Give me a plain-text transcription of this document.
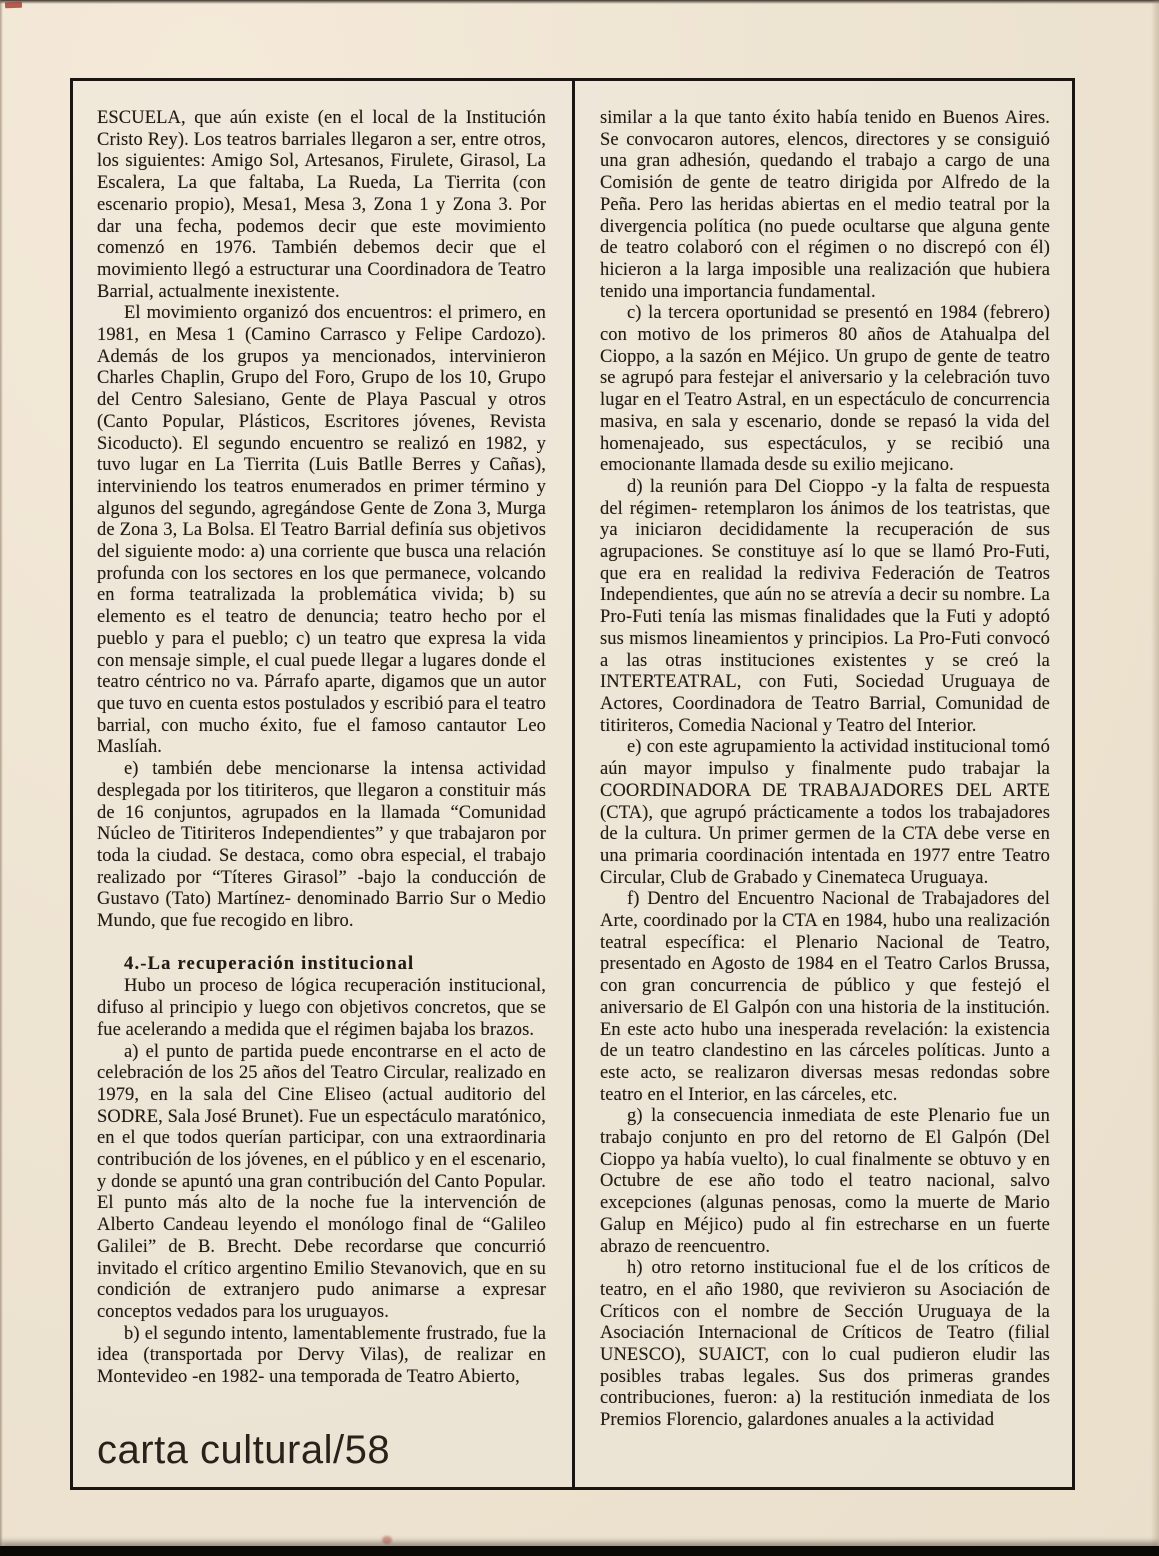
ESCUELA, que aún existe (en el local de la Institución Cristo Rey). Los teatros barriales llegaron a ser, entre otros, los siguientes: Amigo Sol, Artesanos, Firulete, Girasol, La Escalera, La que faltaba, La Rueda, La Tierrita (con escenario propio), Mesa1, Mesa 3, Zona 1 y Zona 3. Por dar una fecha, podemos decir que este movimiento comenzó en 1976. También debemos decir que el movimiento llegó a estructurar una Coordinadora de Teatro Barrial, actualmente inexistente.

El movimiento organizó dos encuentros: el primero, en 1981, en Mesa 1 (Camino Carrasco y Felipe Cardozo). Además de los grupos ya mencionados, intervinieron Charles Chaplin, Grupo del Foro, Grupo de los 10, Grupo del Centro Salesiano, Gente de Playa Pascual y otros (Canto Popular, Plásticos, Escritores jóvenes, Revista Sicoducto). El segundo encuentro se realizó en 1982, y tuvo lugar en La Tierrita (Luis Batlle Berres y Cañas), interviniendo los teatros enumerados en primer término y algunos del segundo, agregándose Gente de Zona 3, Murga de Zona 3, La Bolsa. El Teatro Barrial definía sus objetivos del siguiente modo: a) una corriente que busca una relación profunda con los sectores en los que permanece, volcando en forma teatralizada la problemática vivida; b) su elemento es el teatro de denuncia; teatro hecho por el pueblo y para el pueblo; c) un teatro que expresa la vida con mensaje simple, el cual puede llegar a lugares donde el teatro céntrico no va. Párrafo aparte, digamos que un autor que tuvo en cuenta estos postulados y escribió para el teatro barrial, con mucho éxito, fue el famoso cantautor Leo Maslíah.

e) también debe mencionarse la intensa actividad desplegada por los titiriteros, que llegaron a constituir más de 16 conjuntos, agrupados en la llamada “Comunidad Núcleo de Titiriteros Independientes” y que trabajaron por toda la ciudad. Se destaca, como obra especial, el trabajo realizado por “Títeres Girasol” -bajo la conducción de Gustavo (Tato) Martínez- denominado Barrio Sur o Medio Mundo, que fue recogido en libro.

4.-La recuperación institucional

Hubo un proceso de lógica recuperación institucional, difuso al principio y luego con objetivos concretos, que se fue acelerando a medida que el régimen bajaba los brazos.

a) el punto de partida puede encontrarse en el acto de celebración de los 25 años del Teatro Circular, realizado en 1979, en la sala del Cine Eliseo (actual auditorio del SODRE, Sala José Brunet). Fue un espectáculo maratónico, en el que todos querían participar, con una extraordinaria contribución de los jóvenes, en el público y en el escenario, y donde se apuntó una gran contribución del Canto Popular. El punto más alto de la noche fue la intervención de Alberto Candeau leyendo el monólogo final de “Galileo Galilei” de B. Brecht. Debe recordarse que concurrió invitado el crítico argentino Emilio Stevanovich, que en su condición de extranjero pudo animarse a expresar conceptos vedados para los uruguayos.

b) el segundo intento, lamentablemente frustrado, fue la idea (transportada por Dervy Vilas), de realizar en Montevideo -en 1982- una temporada de Teatro Abierto,

similar a la que tanto éxito había tenido en Buenos Aires. Se convocaron autores, elencos, directores y se consiguió una gran adhesión, quedando el trabajo a cargo de una Comisión de gente de teatro dirigida por Alfredo de la Peña. Pero las heridas abiertas en el medio teatral por la divergencia política (no puede ocultarse que alguna gente de teatro colaboró con el régimen o no discrepó con él) hicieron a la larga imposible una realización que hubiera tenido una importancia fundamental.

c) la tercera oportunidad se presentó en 1984 (febrero) con motivo de los primeros 80 años de Atahualpa del Cioppo, a la sazón en Méjico. Un grupo de gente de teatro se agrupó para festejar el aniversario y la celebración tuvo lugar en el Teatro Astral, en un espectáculo de concurrencia masiva, en sala y escenario, donde se repasó la vida del homenajeado, sus espectáculos, y se recibió una emocionante llamada desde su exilio mejicano.

d) la reunión para Del Cioppo -y la falta de respuesta del régimen- retemplaron los ánimos de los teatristas, que ya iniciaron decididamente la recuperación de sus agrupaciones. Se constituye así lo que se llamó Pro-Futi, que era en realidad la rediviva Federación de Teatros Independientes, que aún no se atrevía a decir su nombre. La Pro-Futi tenía las mismas finalidades que la Futi y adoptó sus mismos lineamientos y principios. La Pro-Futi convocó a las otras instituciones existentes y se creó la INTERTEATRAL, con Futi, Sociedad Uruguaya de Actores, Coordinadora de Teatro Barrial, Comunidad de titiriteros, Comedia Nacional y Teatro del Interior.

e) con este agrupamiento la actividad institucional tomó aún mayor impulso y finalmente pudo trabajar la COORDINADORA DE TRABAJADORES DEL ARTE (CTA), que agrupó prácticamente a todos los trabajadores de la cultura. Un primer germen de la CTA debe verse en una primaria coordinación intentada en 1977 entre Teatro Circular, Club de Grabado y Cinemateca Uruguaya.

f) Dentro del Encuentro Nacional de Trabajadores del Arte, coordinado por la CTA en 1984, hubo una realización teatral específica: el Plenario Nacional de Teatro, presentado en Agosto de 1984 en el Teatro Carlos Brussa, con gran concurrencia de público y que festejó el aniversario de El Galpón con una historia de la institución. En este acto hubo una inesperada revelación: la existencia de un teatro clandestino en las cárceles políticas. Junto a este acto, se realizaron diversas mesas redondas sobre teatro en el Interior, en las cárceles, etc.

g) la consecuencia inmediata de este Plenario fue un trabajo conjunto en pro del retorno de El Galpón (Del Cioppo ya había vuelto), lo cual finalmente se obtuvo y en Octubre de ese año todo el teatro nacional, salvo excepciones (algunas penosas, como la muerte de Mario Galup en Méjico) pudo al fin estrecharse en un fuerte abrazo de reencuentro.

h) otro retorno institucional fue el de los críticos de teatro, en el año 1980, que revivieron su Asociación de Críticos con el nombre de Sección Uruguaya de la Asociación Internacional de Críticos de Teatro (filial UNESCO), SUAICT, con lo cual pudieron eludir las posibles trabas legales. Sus dos primeras grandes contribuciones, fueron: a) la restitución inmediata de los Premios Florencio, galardones anuales a la actividad

carta cultural/58
